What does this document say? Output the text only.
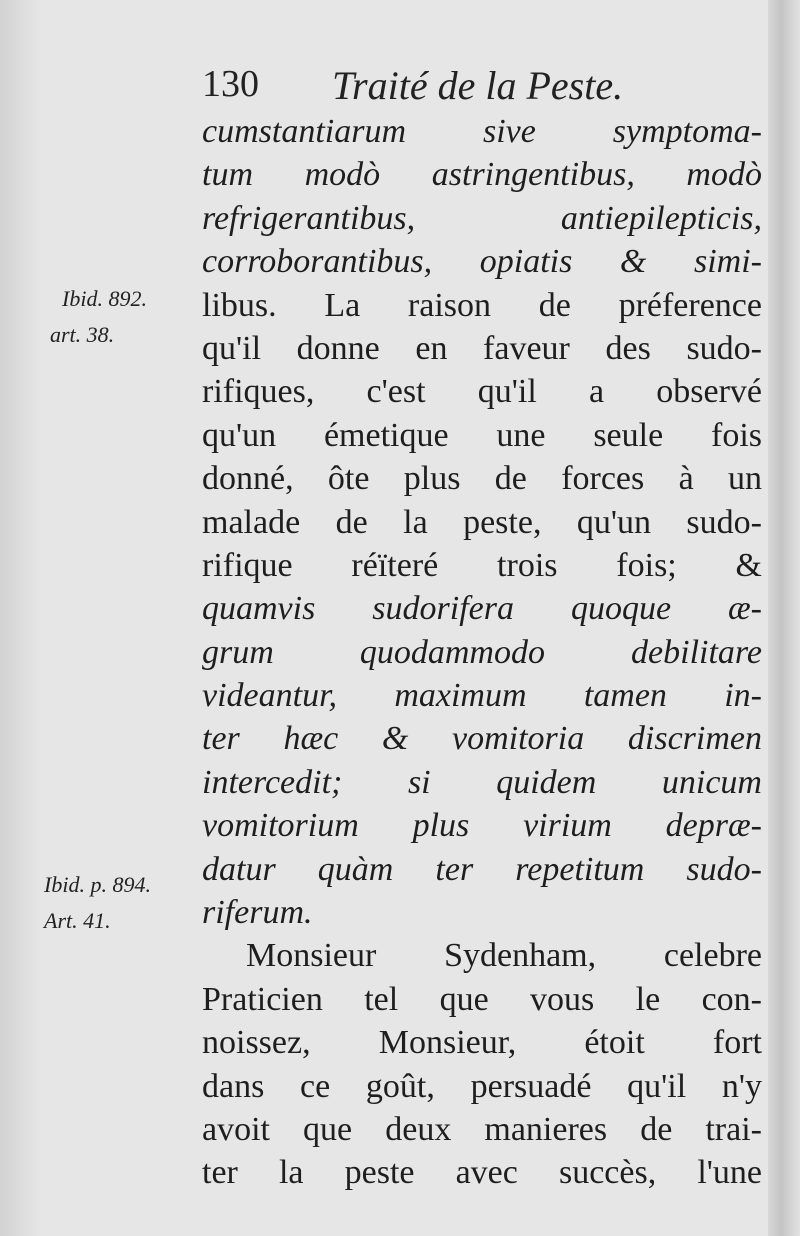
130 Traité de la Peste.
Ibid. 892.
art. 38.
Ibid. p. 894.
Art. 41.
cumstantiarum sive symptoma-
tum modò astringentibus, modò
refrigerantibus, antiepilepticis,
corroborantibus, opiatis & simi-
libus. La raison de préference
qu'il donne en faveur des sudo-
rifiques, c'est qu'il a observé
qu'un émetique une seule fois
donné, ôte plus de forces à un
malade de la peste, qu'un sudo-
rifique réïteré trois fois; &
quamvis sudorifera quoque æ-
grum quodammodo debilitare
videantur, maximum tamen in-
ter hæc & vomitoria discrimen
intercedit; si quidem unicum
vomitorium plus virium depræ-
datur quàm ter repetitum sudo-
riferum.
Monsieur Sydenham, celebre
Praticien tel que vous le con-
noissez, Monsieur, étoit fort
dans ce goût, persuadé qu'il n'y
avoit que deux manieres de trai-
ter la peste avec succès, l'une
